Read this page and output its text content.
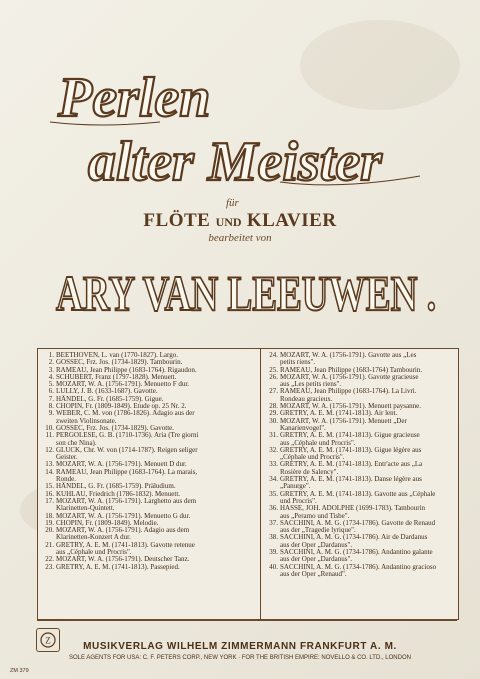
Perlen
alter Meister
für
FLÖTE UND KLAVIER
bearbeitet von
ARY VAN LEEUWEN .
1. BEETHOVEN, L. van (1770-1827). Largo.
2. GOSSEC, Frz. Jos. (1734-1829). Tambourin.
3. RAMEAU, Jean Philippe (1683-1764). Rigaudon.
4. SCHUBERT, Franz (1797-1828). Menuett.
5. MOZART, W. A. (1756-1791). Menuetto F dur.
6. LULLY, J. B. (1633-1687). Gavotte.
7. HÄNDEL, G. Fr. (1685-1759). Gigue.
8. CHOPIN, Fr. (1809-1849). Etude op. 25 Nr. 2.
9. WEBER, C. M. von (1786-1826). Adagio aus der
zweiten Violinsonate.
10. GOSSEC, Frz. Jos. (1734-1829). Gavotte.
11. PERGOLESE, G. B. (1710-1736). Aria (Tre giorni
son che Nina).
12. GLUCK, Chr. W. von (1714-1787). Reigen seliger
Geister.
13. MOZART, W. A. (1756-1791). Menuett D dur.
14. RAMEAU, Jean Philippe (1683-1764). La marais,
Ronde.
15. HÄNDEL, G. Fr. (1685-1759). Präludium.
16. KUHLAU, Friedrich (1786-1832). Menuett.
17. MOZART, W. A. (1756-1791). Larghetto aus dem
Klarinetten-Quintett.
18. MOZART, W. A. (1756-1791). Menuetto G dur.
19. CHOPIN, Fr. (1809-1849). Melodie.
20. MOZART, W. A. (1756-1791). Adagio aus dem
Klarinetten-Konzert A dur.
21. GRETRY, A. E. M. (1741-1813). Gavotte retenue
aus „Céphale und Procris".
22. MOZART, W. A. (1756-1791). Deutscher Tanz.
23. GRETRY, A. E. M. (1741-1813). Passepied.
24. MOZART, W. A. (1756-1791). Gavotte aus „Les
petits riens".
25. RAMEAU, Jean Philippe (1683-1764) Tambourin.
26. MOZART, W. A. (1756-1791). Gavotte gracieuse
aus „Les petits riens".
27. RAMEAU, Jean Philippe (1683-1764). La Livri.
Rondeau gracieux.
28. MOZART, W. A. (1756-1791). Menuett paysanne.
29. GRETRY, A. E. M. (1741-1813). Air lent.
30. MOZART, W. A. (1756-1791). Menuett „Der
Kanarienvogel".
31. GRETRY, A. E. M. (1741-1813). Gigue gracieuse
aus „Céphale und Procris".
32. GRETRY, A. E. M. (1741-1813). Gigue légère aus
„Céphale und Procris".
33. GRETRY, A. E. M. (1741-1813). Entr'acte aus „La
Rosière de Salency".
34. GRETRY, A. E. M. (1741-1813). Danse légère aus
„Panurge".
35. GRETRY, A. E. M. (1741-1813). Gavotte aus „Céphale
und Procris".
36. HASSE, JOH. ADOLPHE (1699-1783). Tambourin
aus „Peramo und Tisbe".
37. SACCHINI, A. M. G. (1734-1786). Gavotte de Renaud
aus der „Tragedie lyrique".
38. SACCHINI, A. M. G. (1734-1786). Air de Dardanus
aus der Oper „Dardanus".
39. SACCHINI, A. M. G. (1734-1786). Andantino galante
aus der Oper „Dardanus".
40. SACCHINI, A. M. G. (1734-1786). Andantino gracioso
aus der Oper „Renaud".
Z
MUSIKVERLAG WILHELM ZIMMERMANN FRANKFURT A. M.
SOLE AGENTS FOR USA: C. F. PETERS CORP., NEW YORK · FOR THE BRITISH EMPIRE: NOVELLO & CO. LTD., LONDON
ZM 379
